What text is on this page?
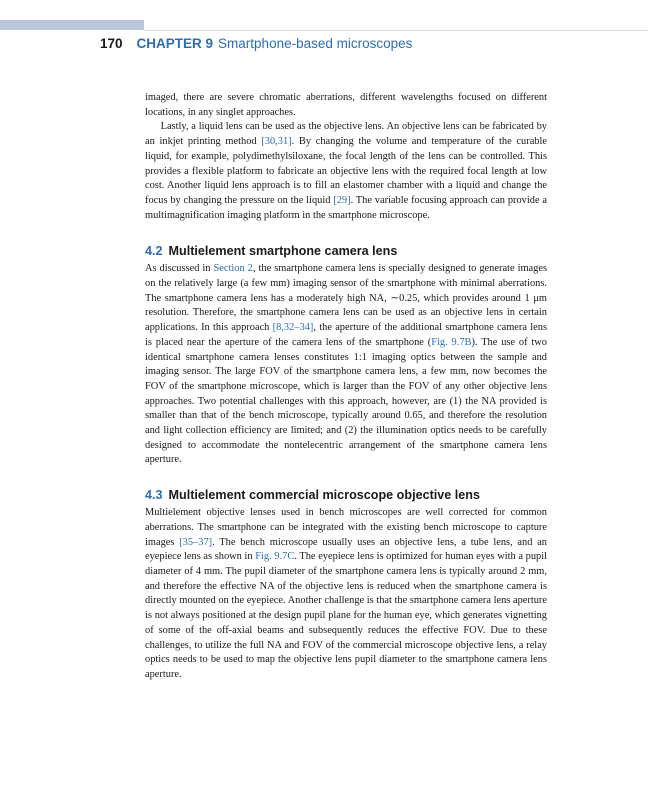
170 CHAPTER 9 Smartphone-based microscopes

imaged, there are severe chromatic aberrations, different wavelengths focused on different locations, in any singlet approaches.

Lastly, a liquid lens can be used as the objective lens. An objective lens can be fabricated by an inkjet printing method [30,31]. By changing the volume and temperature of the curable liquid, for example, polydimethylsiloxane, the focal length of the lens can be controlled. This provides a flexible platform to fabricate an objective lens with the required focal length at low cost. Another liquid lens approach is to fill an elastomer chamber with a liquid and change the focus by changing the pressure on the liquid [29]. The variable focusing approach can provide a multimagnification imaging platform in the smartphone microscope.

4.2 Multielement smartphone camera lens

As discussed in Section 2, the smartphone camera lens is specially designed to generate images on the relatively large (a few mm) imaging sensor of the smartphone with minimal aberrations. The smartphone camera lens has a moderately high NA, ∼0.25, which provides around 1 μm resolution. Therefore, the smartphone camera lens can be used as an objective lens in certain applications. In this approach [8,32–34], the aperture of the additional smartphone camera lens is placed near the aperture of the camera lens of the smartphone (Fig. 9.7B). The use of two identical smartphone camera lenses constitutes 1:1 imaging optics between the sample and imaging sensor. The large FOV of the smartphone camera lens, a few mm, now becomes the FOV of the smartphone microscope, which is larger than the FOV of any other objective lens approaches. Two potential challenges with this approach, however, are (1) the NA provided is smaller than that of the bench microscope, typically around 0.65, and therefore the resolution and light collection efficiency are limited; and (2) the illumination optics needs to be carefully designed to accommodate the nontelecentric arrangement of the smartphone camera lens aperture.

4.3 Multielement commercial microscope objective lens

Multielement objective lenses used in bench microscopes are well corrected for common aberrations. The smartphone can be integrated with the existing bench microscope to capture images [35–37]. The bench microscope usually uses an objective lens, a tube lens, and an eyepiece lens as shown in Fig. 9.7C. The eyepiece lens is optimized for human eyes with a pupil diameter of 4 mm. The pupil diameter of the smartphone camera lens is typically around 2 mm, and therefore the effective NA of the objective lens is reduced when the smartphone camera is directly mounted on the eyepiece. Another challenge is that the smartphone camera lens aperture is not always positioned at the design pupil plane for the human eye, which generates vignetting of some of the off-axial beams and subsequently reduces the effective FOV. Due to these challenges, to utilize the full NA and FOV of the commercial microscope objective lens, a relay optics needs to be used to map the objective lens pupil diameter to the smartphone camera lens aperture.
